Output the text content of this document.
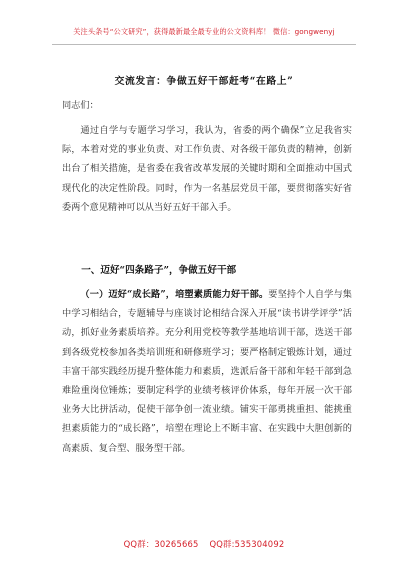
关注头条号“公文研究”，获得最新最全最专业的公文资料库！ 微信：gongwenyj
交流发言：争做五好干部赶考“在路上”
同志们：

通过自学与专题学习学习，我认为，省委的两个确保”立足我省实际，本着对党的事业负责、对工作负责、对各级干部负责的精神，创新出台了相关措施，是省委在我省改革发展的关键时期和全面推动中国式现代化的决定性阶段。同时，作为一名基层党员干部，要贯彻落实好省委两个意见精神可以从当好五好干部入手。

一、迈好“四条路子”，争做五好干部

（一）迈好“成长路”，培塑素质能力好干部。要坚持个人自学与集中学习相结合，专题辅导与座谈讨论相结合深入开展“读书讲学评学”活动，抓好业务素质培养。充分利用党校等教学基地培训干部，选送干部到各级党校参加各类培训班和研修班学习；要严格制定锻炼计划，通过丰富干部实践经历提升整体能力和素质，选派后备干部和年轻干部到急难险重岗位锤炼；要制定科学的业绩考核评价体系，每年开展一次干部业务大比拼活动，促使干部争创一流业绩。铺实干部勇挑重担、能挑重担素质能力的“成长路”，培塑在理论上不断丰富、在实践中大胆创新的高素质、复合型、服务型干部。

QQ群：30265665 QQ群:535304092
